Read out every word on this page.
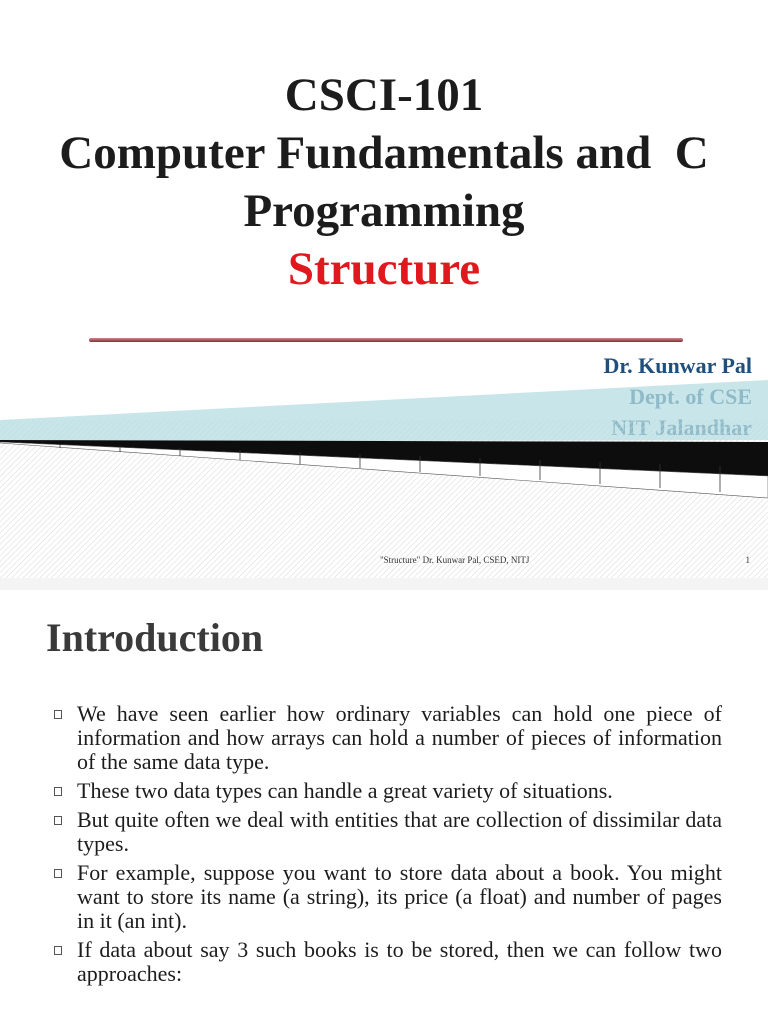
CSCI-101
Computer Fundamentals and  C
Programming
Structure
Dr. Kunwar Pal
"Structure" Dr. Kunwar Pal, CSED, NITJ	1
Introduction
We have seen earlier how ordinary variables can hold one piece of information and how arrays can hold a number of pieces of information of the same data type.
These two data types can handle a great variety of situations.
But quite often we deal with entities that are collection of dissimilar data types.
For example, suppose you want to store data about a book. You might want to store its name (a string), its price (a float) and number of pages in it (an int).
If data about say 3 such books is to be stored, then we can follow two approaches:
